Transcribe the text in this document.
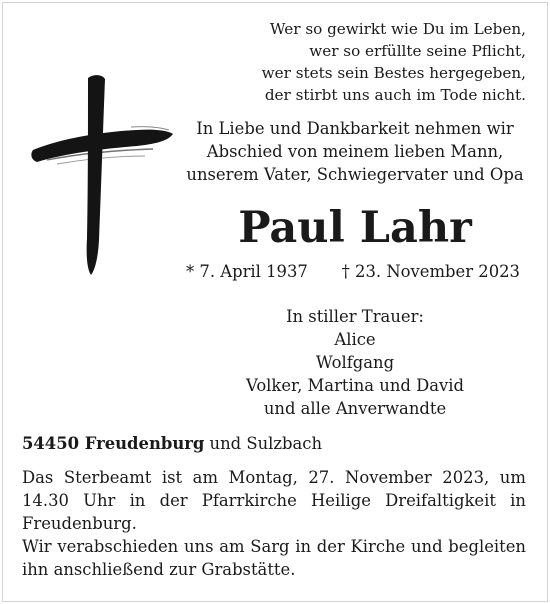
Wer so gewirkt wie Du im Leben,
wer so erfüllte seine Pflicht,
wer stets sein Bestes hergegeben,
der stirbt uns auch im Tode nicht.

In Liebe und Dankbarkeit nehmen wir
Abschied von meinem lieben Mann,
unserem Vater, Schwiegervater und Opa

Paul Lahr
* 7. April 1937 † 23. November 2023

In stiller Trauer:
Alice
Wolfgang
Volker, Martina und David
und alle Anverwandte

54450 Freudenburg und Sulzbach
Das Sterbeamt ist am Montag, 27. November 2023, um
14.30 Uhr in der Pfarrkirche Heilige Dreifaltigkeit in
Freudenburg.
Wir verabschieden uns am Sarg in der Kirche und begleiten
ihn anschließend zur Grabstätte.
